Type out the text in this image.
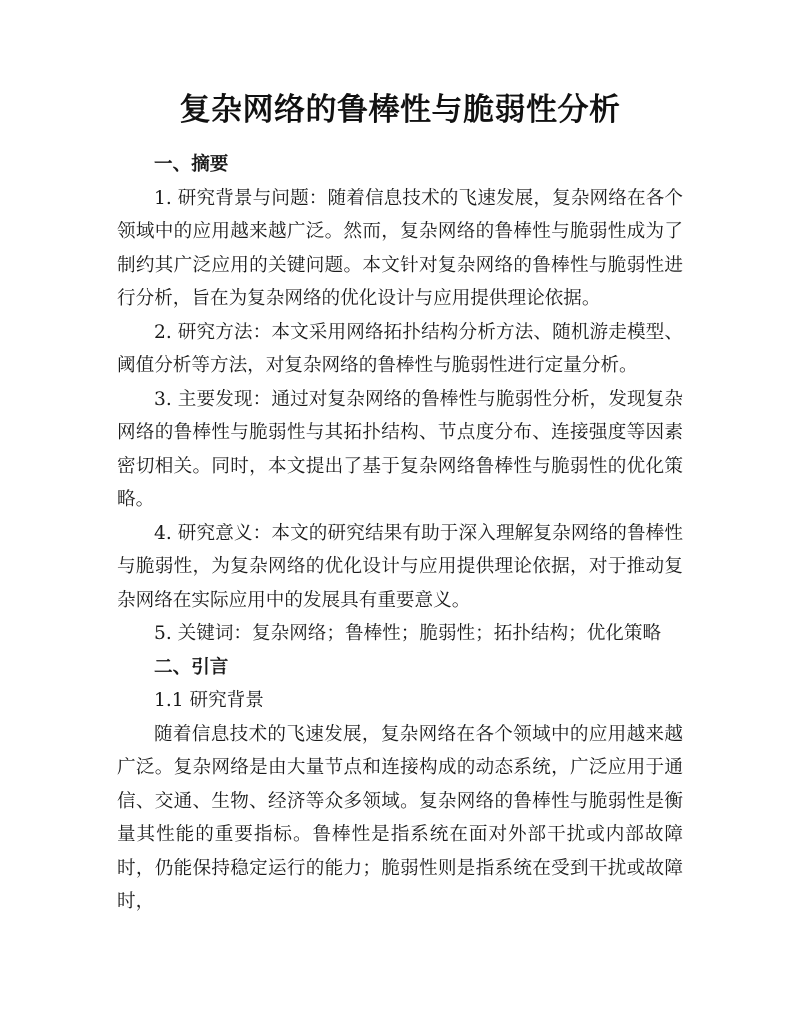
复杂网络的鲁棒性与脆弱性分析

一、摘要

1. 研究背景与问题：随着信息技术的飞速发展，复杂网络在各个领域中的应用越来越广泛。然而，复杂网络的鲁棒性与脆弱性成为了制约其广泛应用的关键问题。本文针对复杂网络的鲁棒性与脆弱性进行分析，旨在为复杂网络的优化设计与应用提供理论依据。

2. 研究方法：本文采用网络拓扑结构分析方法、随机游走模型、阈值分析等方法，对复杂网络的鲁棒性与脆弱性进行定量分析。

3. 主要发现：通过对复杂网络的鲁棒性与脆弱性分析，发现复杂网络的鲁棒性与脆弱性与其拓扑结构、节点度分布、连接强度等因素密切相关。同时，本文提出了基于复杂网络鲁棒性与脆弱性的优化策略。

4. 研究意义：本文的研究结果有助于深入理解复杂网络的鲁棒性与脆弱性，为复杂网络的优化设计与应用提供理论依据，对于推动复杂网络在实际应用中的发展具有重要意义。

5. 关键词：复杂网络；鲁棒性；脆弱性；拓扑结构；优化策略

二、引言

1.1 研究背景

随着信息技术的飞速发展，复杂网络在各个领域中的应用越来越广泛。复杂网络是由大量节点和连接构成的动态系统，广泛应用于通信、交通、生物、经济等众多领域。复杂网络的鲁棒性与脆弱性是衡量其性能的重要指标。鲁棒性是指系统在面对外部干扰或内部故障时，仍能保持稳定运行的能力；脆弱性则是指系统在受到干扰或故障时，
